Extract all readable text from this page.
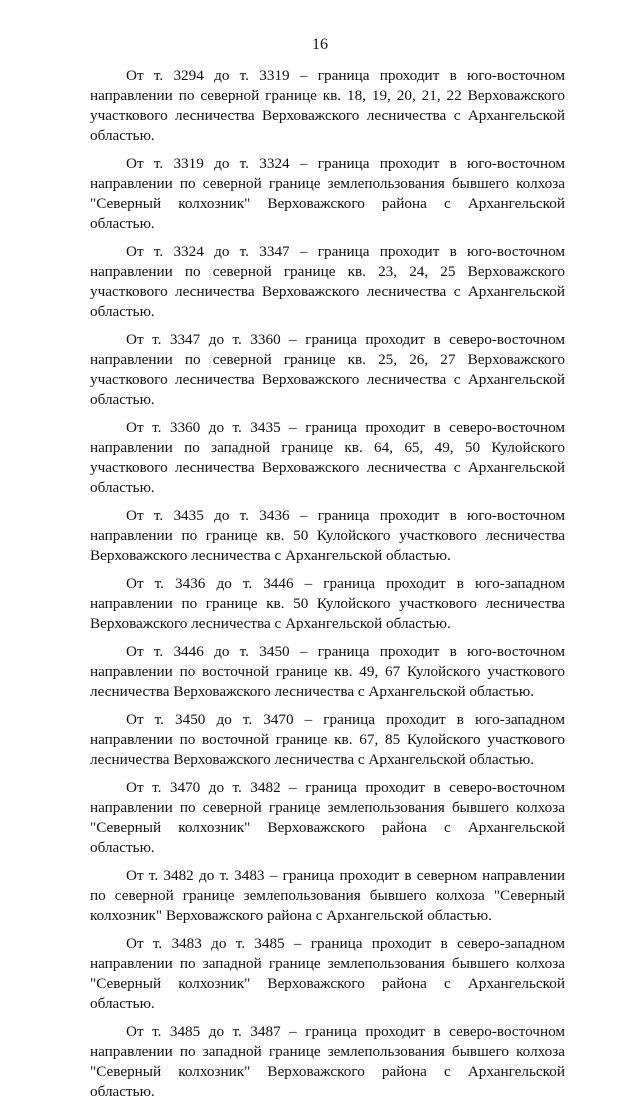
16

От т. 3294 до т. 3319 – граница проходит в юго-восточном направлении по северной границе кв. 18, 19, 20, 21, 22 Верховажского участкового лесничества Верховажского лесничества с Архангельской областью.

От т. 3319 до т. 3324 – граница проходит в юго-восточном направлении по северной границе землепользования бывшего колхоза "Северный колхозник" Верховажского района с Архангельской областью.

От т. 3324 до т. 3347 – граница проходит в юго-восточном направлении по северной границе кв. 23, 24, 25 Верховажского участкового лесничества Верховажского лесничества с Архангельской областью.

От т. 3347 до т. 3360 – граница проходит в северо-восточном направлении по северной границе кв. 25, 26, 27 Верховажского участкового лесничества Верховажского лесничества с Архангельской областью.

От т. 3360 до т. 3435 – граница проходит в северо-восточном направлении по западной границе кв. 64, 65, 49, 50 Кулойского участкового лесничества Верховажского лесничества с Архангельской областью.

От т. 3435 до т. 3436 – граница проходит в юго-восточном направлении по границе кв. 50 Кулойского участкового лесничества Верховажского лесничества с Архангельской областью.

От т. 3436 до т. 3446 – граница проходит в юго-западном направлении по границе кв. 50 Кулойского участкового лесничества Верховажского лесничества с Архангельской областью.

От т. 3446 до т. 3450 – граница проходит в юго-восточном направлении по восточной границе кв. 49, 67 Кулойского участкового лесничества Верховажского лесничества с Архангельской областью.

От т. 3450 до т. 3470 – граница проходит в юго-западном направлении по восточной границе кв. 67, 85 Кулойского участкового лесничества Верховажского лесничества с Архангельской областью.

От т. 3470 до т. 3482 – граница проходит в северо-восточном направлении по северной границе землепользования бывшего колхоза "Северный колхозник" Верховажского района с Архангельской областью.

От т. 3482 до т. 3483 – граница проходит в северном направлении по северной границе землепользования бывшего колхоза "Северный колхозник" Верховажского района с Архангельской областью.

От т. 3483 до т. 3485 – граница проходит в северо-западном направлении по западной границе землепользования бывшего колхоза "Северный колхозник" Верховажского района с Архангельской областью.

От т. 3485 до т. 3487 – граница проходит в северо-восточном направлении по западной границе землепользования бывшего колхоза "Северный колхозник" Верховажского района с Архангельской областью.
